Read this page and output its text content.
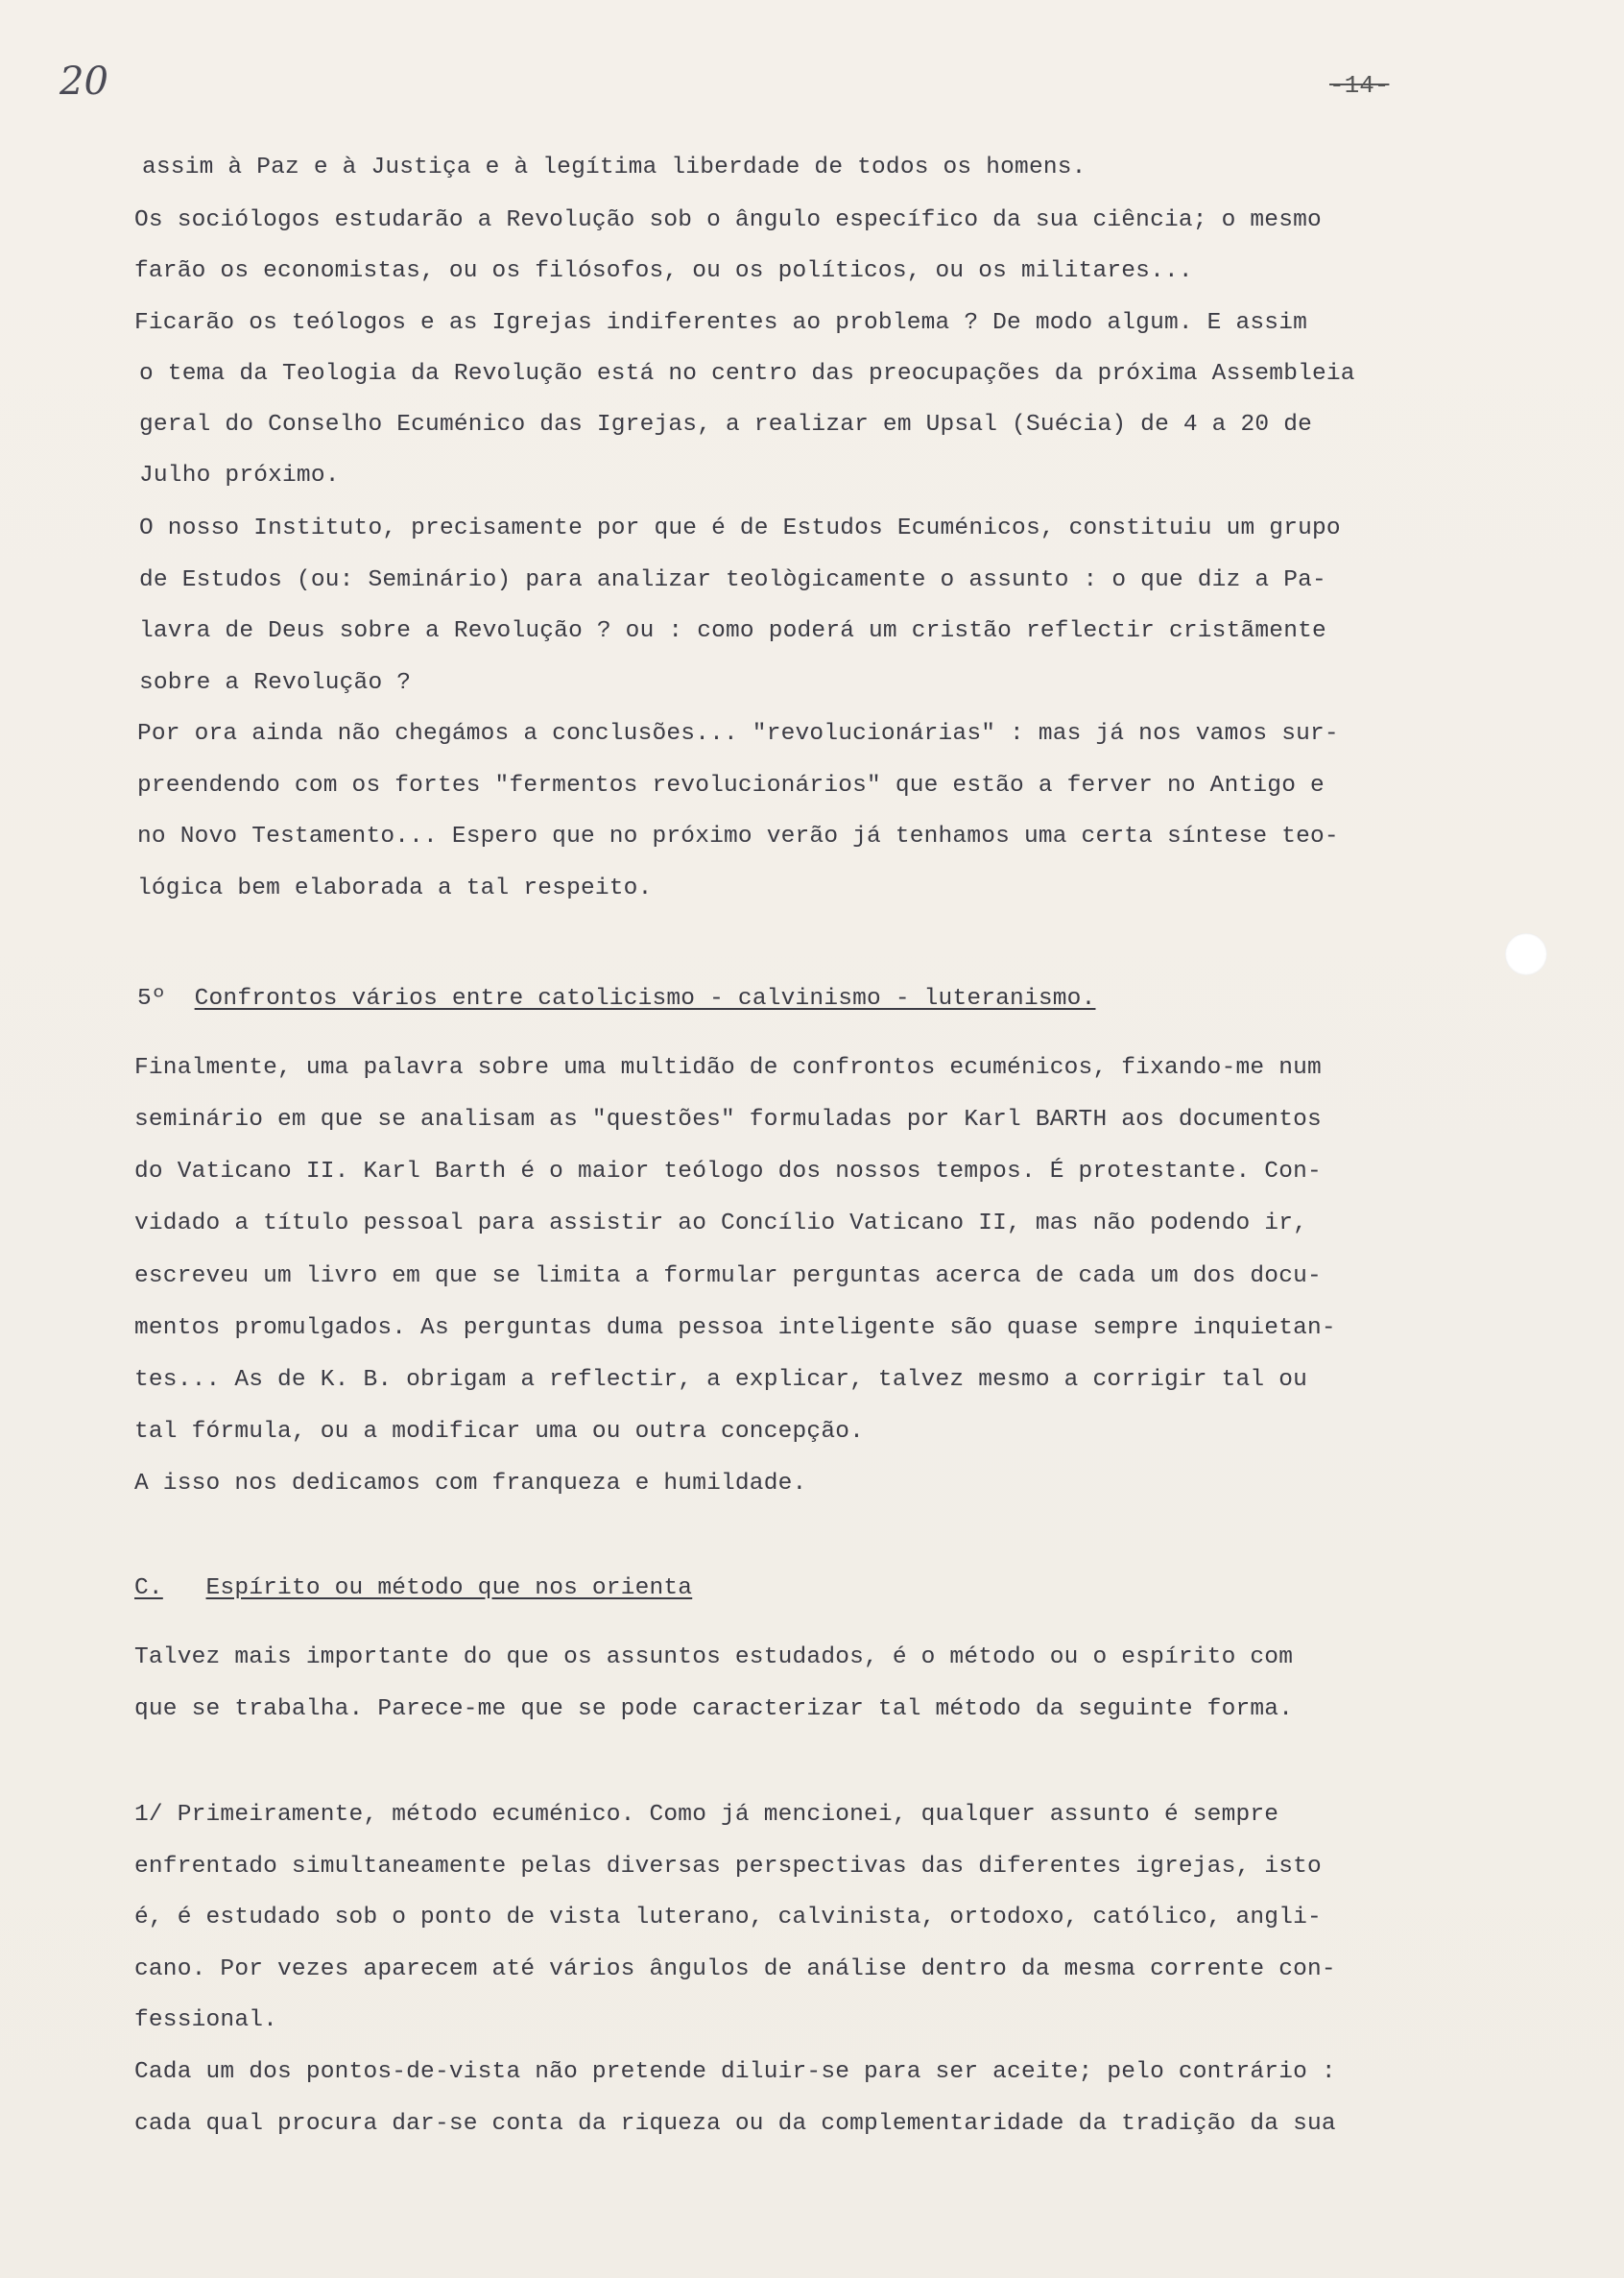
20	-14-
assim à Paz e à Justiça e à legítima liberdade de todos os homens.
Os sociólogos estudarão a Revolução sob o ângulo específico da sua ciência; o mesmo
farão os economistas, ou os filósofos, ou os políticos, ou os militares...
Ficarão os teólogos e as Igrejas indiferentes ao problema ? De modo algum. E assim
o tema da Teologia da Revolução está no centro das preocupações da próxima Assembleia
geral do Conselho Ecuménico das Igrejas, a realizar em Upsal (Suécia) de 4 a 20 de
Julho próximo.
O nosso Instituto, precisamente por que é de Estudos Ecuménicos, constituiu um grupo
de Estudos (ou: Seminário) para analizar teològicamente o assunto : o que diz a Pa-
lavra de Deus sobre a Revolução ? ou : como poderá um cristão reflectir cristãmente
sobre a Revolução ?
Por ora ainda não chegámos a conclusões... "revolucionárias" : mas já nos vamos sur-
preendendo com os fortes "fermentos revolucionários" que estão a ferver no Antigo e
no Novo Testamento... Espero que no próximo verão já tenhamos uma certa síntese teo-
lógica bem elaborada a tal respeito.
5º Confrontos vários entre catolicismo - calvinismo - luteranismo.
Finalmente, uma palavra sobre uma multidão de confrontos ecuménicos, fixando-me num
seminário em que se analisam as "questões" formuladas por Karl BARTH aos documentos
do Vaticano II. Karl Barth é o maior teólogo dos nossos tempos. É protestante. Con-
vidado a título pessoal para assistir ao Concílio Vaticano II, mas não podendo ir,
escreveu um livro em que se limita a formular perguntas acerca de cada um dos docu-
mentos promulgados. As perguntas duma pessoa inteligente são quase sempre inquietan-
tes... As de K. B. obrigam a reflectir, a explicar, talvez mesmo a corrigir tal ou
tal fórmula, ou a modificar uma ou outra concepção.
A isso nos dedicamos com franqueza e humildade.
C. Espírito ou método que nos orienta
Talvez mais importante do que os assuntos estudados, é o método ou o espírito com
que se trabalha. Parece-me que se pode caracterizar tal método da seguinte forma.
1/ Primeiramente, método ecuménico. Como já mencionei, qualquer assunto é sempre
enfrentado simultaneamente pelas diversas perspectivas das diferentes igrejas, isto
é, é estudado sob o ponto de vista luterano, calvinista, ortodoxo, católico, angli-
cano. Por vezes aparecem até vários ângulos de análise dentro da mesma corrente con-
fessional.
Cada um dos pontos-de-vista não pretende diluir-se para ser aceite; pelo contrário :
cada qual procura dar-se conta da riqueza ou da complementaridade da tradição da sua
